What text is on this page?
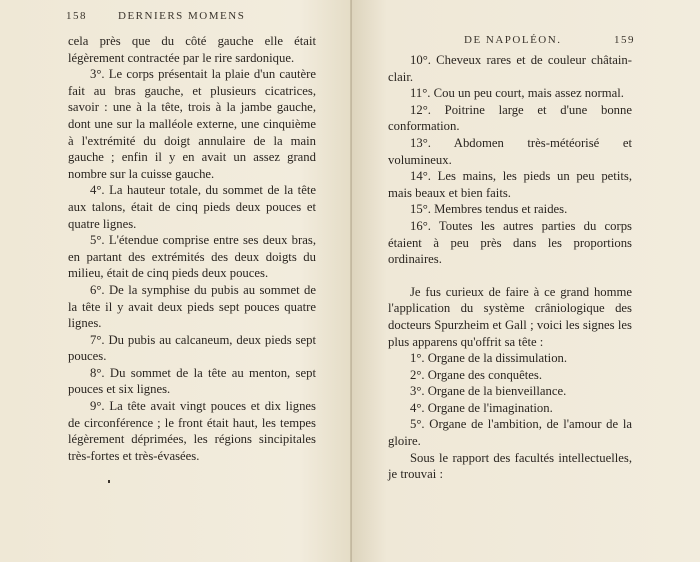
158	DERNIERS MOMENS

cela près que du côté gauche elle était légèrement contractée par le rire sardonique.

3°. Le corps présentait la plaie d'un cautère fait au bras gauche, et plusieurs cicatrices, savoir : une à la tête, trois à la jambe gauche, dont une sur la malléole externe, une cinquième à l'extrémité du doigt annulaire de la main gauche ; enfin il y en avait un assez grand nombre sur la cuisse gauche.

4°. La hauteur totale, du sommet de la tête aux talons, était de cinq pieds deux pouces et quatre lignes.

5°. L'étendue comprise entre ses deux bras, en partant des extrémités des deux doigts du milieu, était de cinq pieds deux pouces.

6°. De la symphise du pubis au sommet de la tête il y avait deux pieds sept pouces quatre lignes.

7°. Du pubis au calcaneum, deux pieds sept pouces.

8°. Du sommet de la tête au menton, sept pouces et six lignes.

9°. La tête avait vingt pouces et dix lignes de circonférence ; le front était haut, les tempes légèrement déprimées, les régions sincipitales très-fortes et très-évasées.

DE NAPOLÉON.	159

10°. Cheveux rares et de couleur châtain-clair.

11°. Cou un peu court, mais assez normal.

12°. Poitrine large et d'une bonne conformation.

13°. Abdomen très-météorisé et volumineux.

14°. Les mains, les pieds un peu petits, mais beaux et bien faits.

15°. Membres tendus et raides.

16°. Toutes les autres parties du corps étaient à peu près dans les proportions ordinaires.

Je fus curieux de faire à ce grand homme l'application du système crâniologique des docteurs Spurzheim et Gall ; voici les signes les plus apparens qu'offrit sa tête :

1°. Organe de la dissimulation.

2°. Organe des conquêtes.

3°. Organe de la bienveillance.

4°. Organe de l'imagination.

5°. Organe de l'ambition, de l'amour de la gloire.

Sous le rapport des facultés intellectuelles, je trouvai :
